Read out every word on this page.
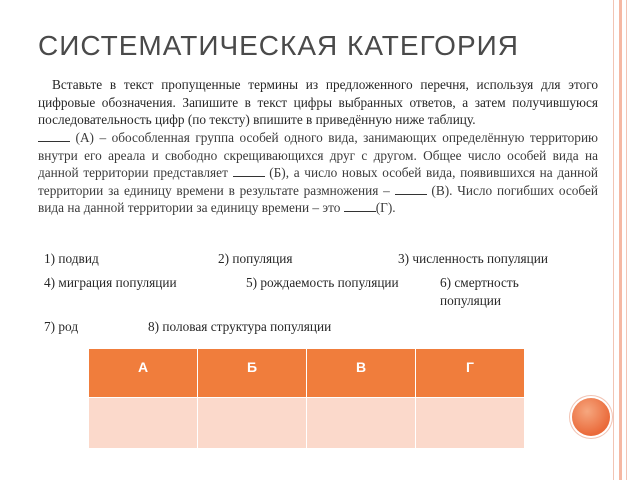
СИСТЕМАТИЧЕСКАЯ КАТЕГОРИЯ

Вставьте в текст пропущенные термины из предложенного перечня, используя для этого цифровые обозначения. Запишите в текст цифры выбранных ответов, а затем получившуюся последовательность цифр (по тексту) впишите в приведённую ниже таблицу.

(А) – обособленная группа особей одного вида, занимающих определённую территорию внутри его ареала и свободно скрещивающихся друг с другом. Общее число особей вида на данной территории представляет	(Б), а число новых особей вида, появившихся на данной территории за единицу времени в результате размножения –	(В). Число погибших особей вида на данной территории за единицу времени – это	(Г).

1) подвид	2) популяция	3) численность популяции
4) миграция популяции	5) рождаемость популяции	6) смертность популяции
7) род	8) половая структура популяции
А	Б	В	Г
